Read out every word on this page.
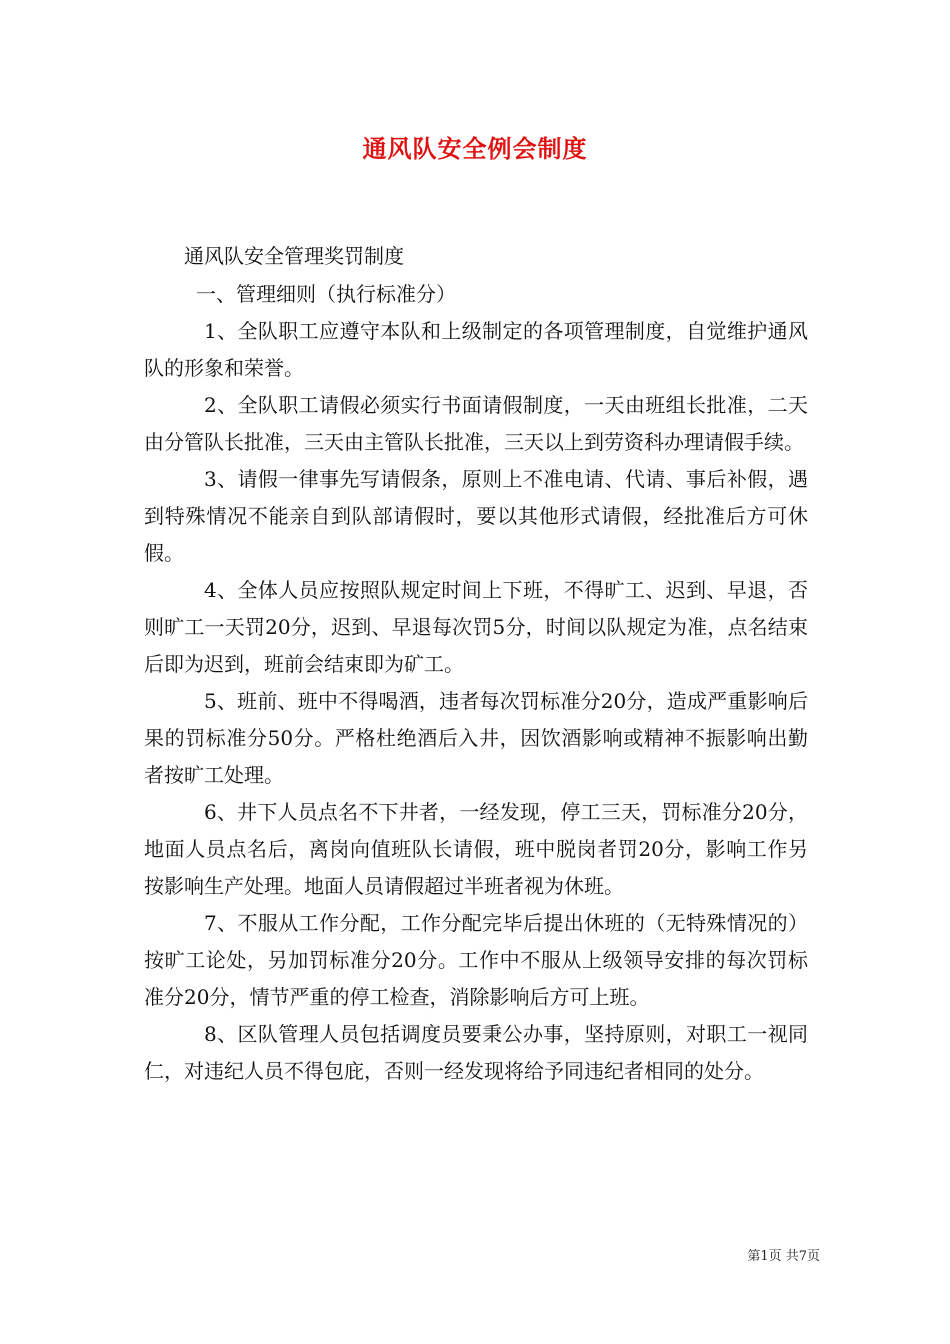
通风队安全例会制度

通风队安全管理奖罚制度

一、管理细则（执行标准分）

1、全队职工应遵守本队和上级制定的各项管理制度，自觉维护通风队的形象和荣誉。

2、全队职工请假必须实行书面请假制度，一天由班组长批准，二天由分管队长批准，三天由主管队长批准，三天以上到劳资科办理请假手续。

3、请假一律事先写请假条，原则上不准电请、代请、事后补假，遇到特殊情况不能亲自到队部请假时，要以其他形式请假，经批准后方可休假。

4、全体人员应按照队规定时间上下班，不得旷工、迟到、早退，否则旷工一天罚20分，迟到、早退每次罚5分，时间以队规定为准，点名结束后即为迟到，班前会结束即为矿工。

5、班前、班中不得喝酒，违者每次罚标准分20分，造成严重影响后果的罚标准分50分。严格杜绝酒后入井，因饮酒影响或精神不振影响出勤者按旷工处理。

6、井下人员点名不下井者，一经发现，停工三天，罚标准分20分，地面人员点名后，离岗向值班队长请假，班中脱岗者罚20分，影响工作另按影响生产处理。地面人员请假超过半班者视为休班。

7、不服从工作分配，工作分配完毕后提出休班的（无特殊情况的）按旷工论处，另加罚标准分20分。工作中不服从上级领导安排的每次罚标准分20分，情节严重的停工检查，消除影响后方可上班。

8、区队管理人员包括调度员要秉公办事，坚持原则，对职工一视同仁，对违纪人员不得包庇，否则一经发现将给予同违纪者相同的处分。

第1页 共7页
